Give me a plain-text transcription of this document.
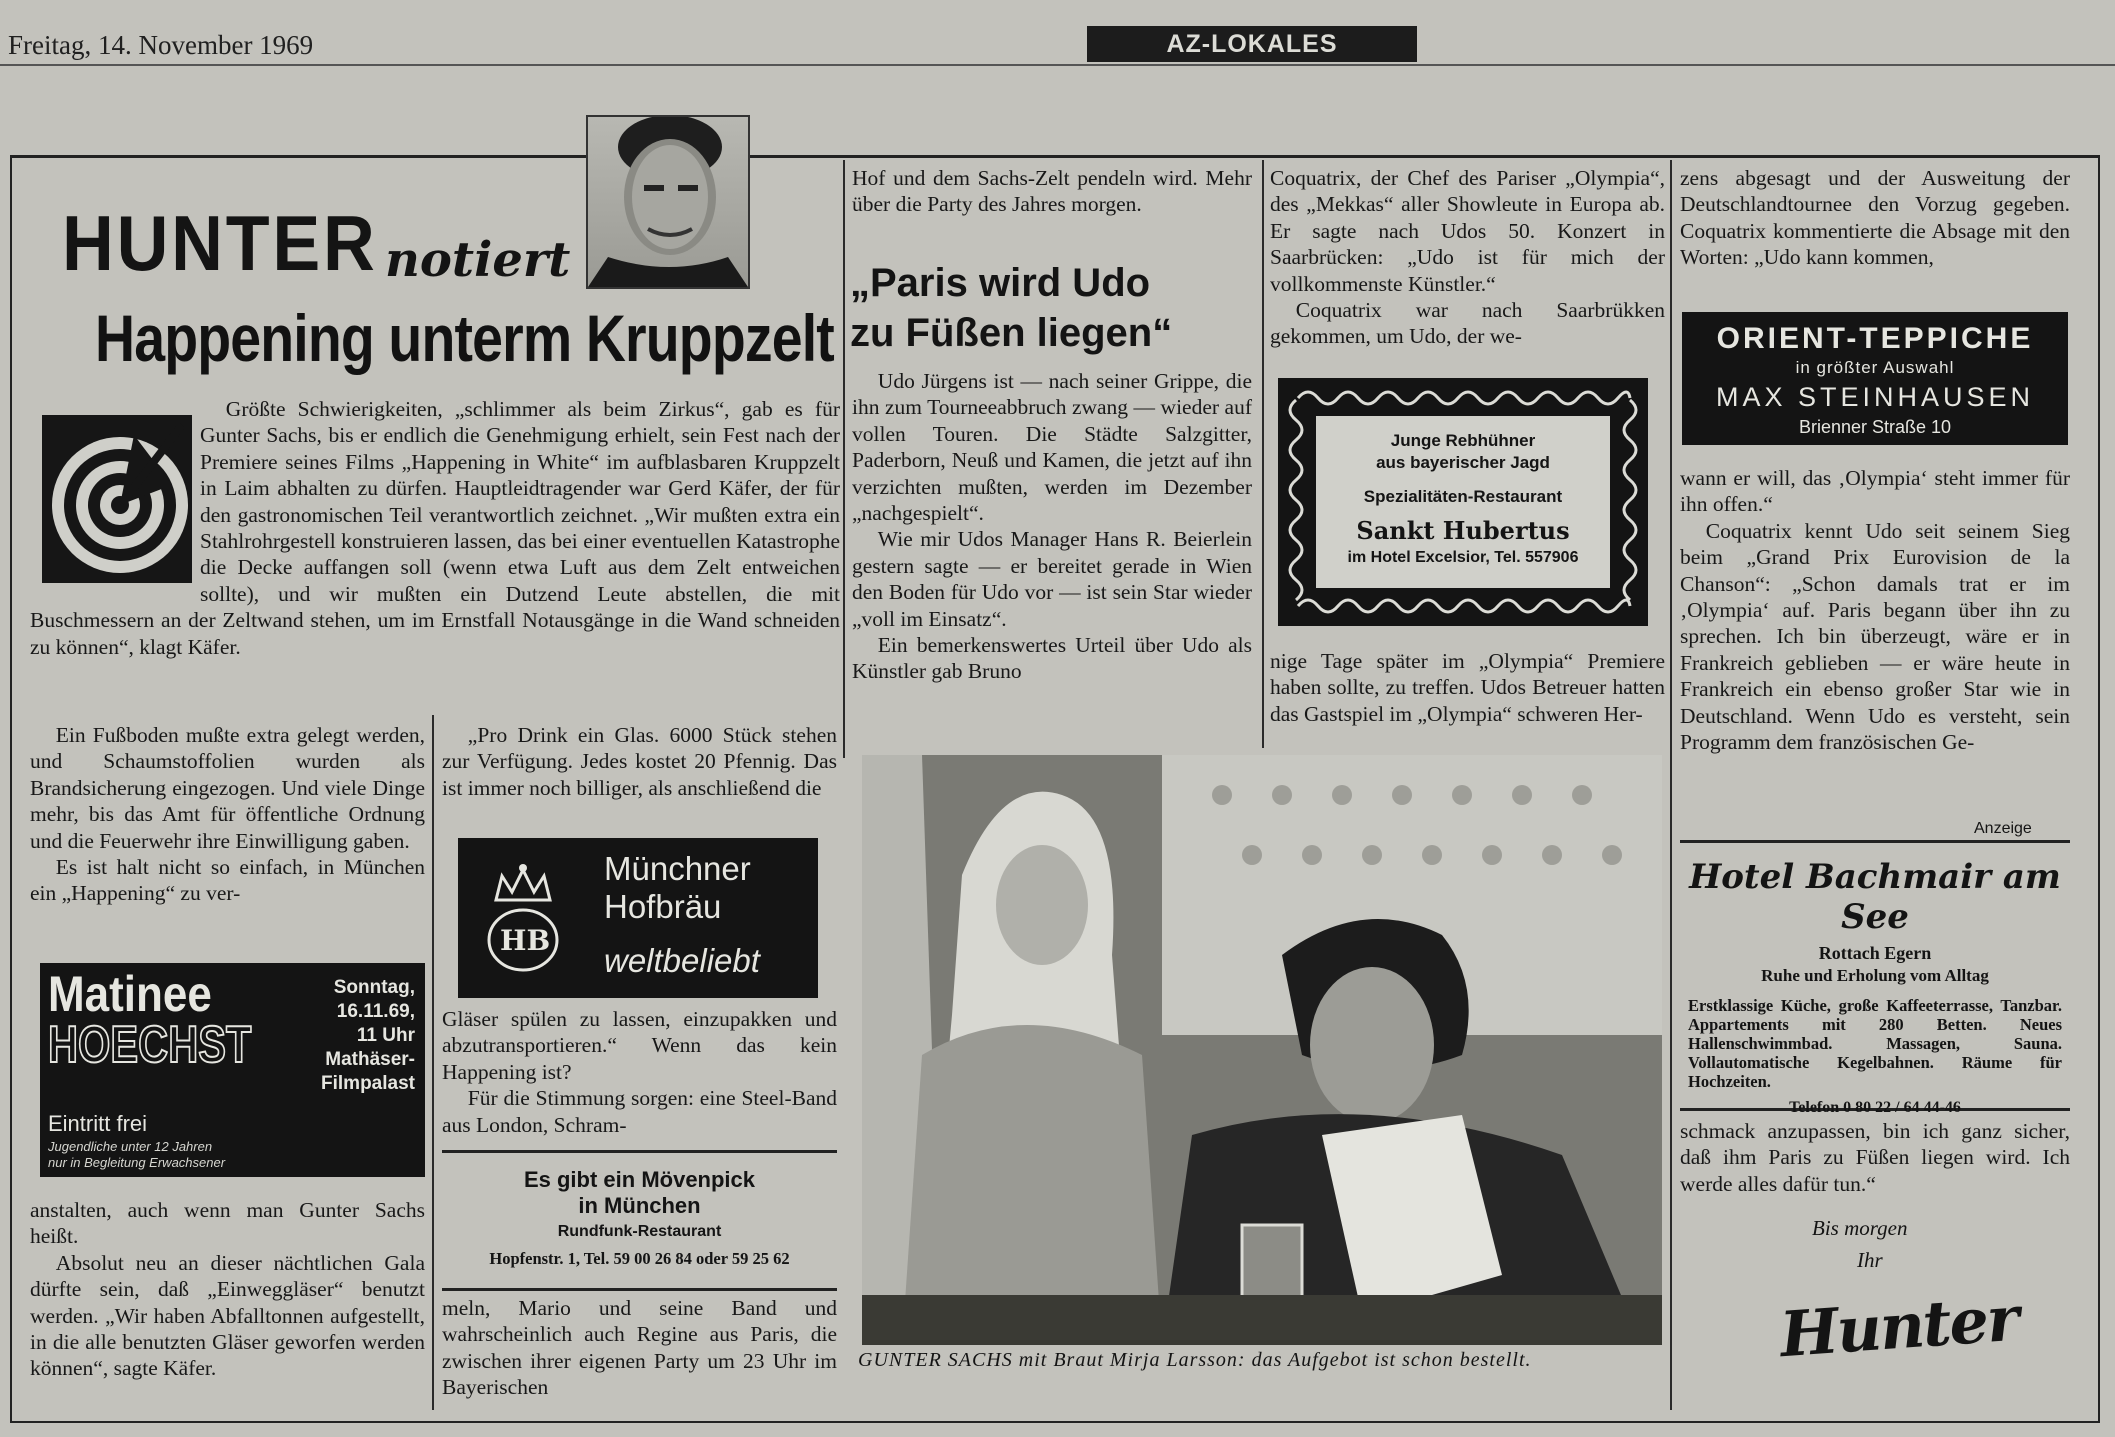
Freitag, 14. November 1969	AZ-LOKALES
HUNTER notiert
Happening unterm Kruppzelt

Größte Schwierigkeiten, „schlimmer als beim Zirkus“, gab es für Gunter Sachs, bis er endlich die Genehmigung erhielt, sein Fest nach der Premiere seines Films „Happening in White“ im aufblasbaren Kruppzelt in Laim abhalten zu dürfen. Hauptleidtragender war Gerd Käfer, der für den gastronomischen Teil verantwortlich zeichnet. „Wir mußten extra ein Stahlrohrgestell konstruieren lassen, das bei einer eventuellen Katastrophe die Decke auffangen soll (wenn etwa Luft aus dem Zelt entweichen sollte), und wir mußten ein Dutzend Leute abstellen, die mit Buschmessern an der Zeltwand stehen, um im Ernstfall Notausgänge in die Wand schneiden zu können“, klagt Käfer.

Ein Fußboden mußte extra gelegt werden, und Schaumstoffolien wurden als Brandsicherung eingezogen. Und viele Dinge mehr, bis das Amt für öffentliche Ordnung und die Feuerwehr ihre Einwilligung gaben.

Es ist halt nicht so einfach, in München ein „Happening“ zu ver-

Matinee
HOECHST
Sonntag,
16.11.69,
11 Uhr
Mathäser-
Filmpalast
Eintritt frei
Jugendliche unter 12 Jahren
nur in Begleitung Erwachsener

anstalten, auch wenn man Gunter Sachs heißt.

Absolut neu an dieser nächtlichen Gala dürfte sein, daß „Einweggläser“ benutzt werden. „Wir haben Abfalltonnen aufgestellt, in die alle benutzten Gläser geworfen werden können“, sagte Käfer.

„Pro Drink ein Glas. 6000 Stück stehen zur Verfügung. Jedes kostet 20 Pfennig. Das ist immer noch billiger, als anschließend die

HB
Münchner
Hofbräu
weltbeliebt

Gläser spülen zu lassen, einzupakken und abzutransportieren.“ Wenn das kein Happening ist?

Für die Stimmung sorgen: eine Steel-Band aus London, Schram-

Es gibt ein Mövenpick
in München
Rundfunk-Restaurant
Hopfenstr. 1, Tel. 59 00 26 84 oder 59 25 62

meln, Mario und seine Band und wahrscheinlich auch Regine aus Paris, die zwischen ihrer eigenen Party um 23 Uhr im Bayerischen

Hof und dem Sachs-Zelt pendeln wird. Mehr über die Party des Jahres morgen.

„Paris wird Udo
zu Füßen liegen“

Udo Jürgens ist — nach seiner Grippe, die ihn zum Tourneeabbruch zwang — wieder auf vollen Touren. Die Städte Salzgitter, Paderborn, Neuß und Kamen, die jetzt auf ihn verzichten mußten, werden im Dezember „nachgespielt“.

Wie mir Udos Manager Hans R. Beierlein gestern sagte — er bereitet gerade in Wien den Boden für Udo vor — ist sein Star wieder „voll im Einsatz“.

Ein bemerkenswertes Urteil über Udo als Künstler gab Bruno

Coquatrix, der Chef des Pariser „Olympia“, des „Mekkas“ aller Showleute in Europa ab. Er sagte nach Udos 50. Konzert in Saarbrücken: „Udo ist für mich der vollkommenste Künstler.“

Coquatrix war nach Saarbrükken gekommen, um Udo, der we-

Junge Rebhühner
aus bayerischer Jagd
Spezialitäten-Restaurant
Sankt Hubertus
im Hotel Excelsior, Tel. 557906

nige Tage später im „Olympia“ Premiere haben sollte, zu treffen. Udos Betreuer hatten das Gastspiel im „Olympia“ schweren Her-

GUNTER SACHS mit Braut Mirja Larsson: das Aufgebot ist schon bestellt.

zens abgesagt und der Ausweitung der Deutschlandtournee den Vorzug gegeben. Coquatrix kommentierte die Absage mit den Worten: „Udo kann kommen,

ORIENT-TEPPICHE
in größter Auswahl
MAX STEINHAUSEN
Brienner Straße 10

wann er will, das ‚Olympia‘ steht immer für ihn offen.“

Coquatrix kennt Udo seit seinem Sieg beim „Grand Prix Eurovision de la Chanson“: „Schon damals trat er im ‚Olympia‘ auf. Paris begann über ihn zu sprechen. Ich bin überzeugt, wäre er in Frankreich geblieben — er wäre heute in Frankreich ein ebenso großer Star wie in Deutschland. Wenn Udo es versteht, sein Programm dem französischen Ge-

Anzeige
Hotel Bachmair am See
Rottach Egern
Ruhe und Erholung vom Alltag
Erstklassige Küche, große Kaffeeterrasse, Tanzbar. Appartements mit 280 Betten. Neues Hallenschwimmbad. Massagen, Sauna. Vollautomatische Kegelbahnen. Räume für Hochzeiten.
Telefon 0 80 22 / 64 44-46

schmack anzupassen, bin ich ganz sicher, daß ihm Paris zu Füßen liegen wird. Ich werde alles dafür tun.“

Bis morgen
Ihr
Hunter
